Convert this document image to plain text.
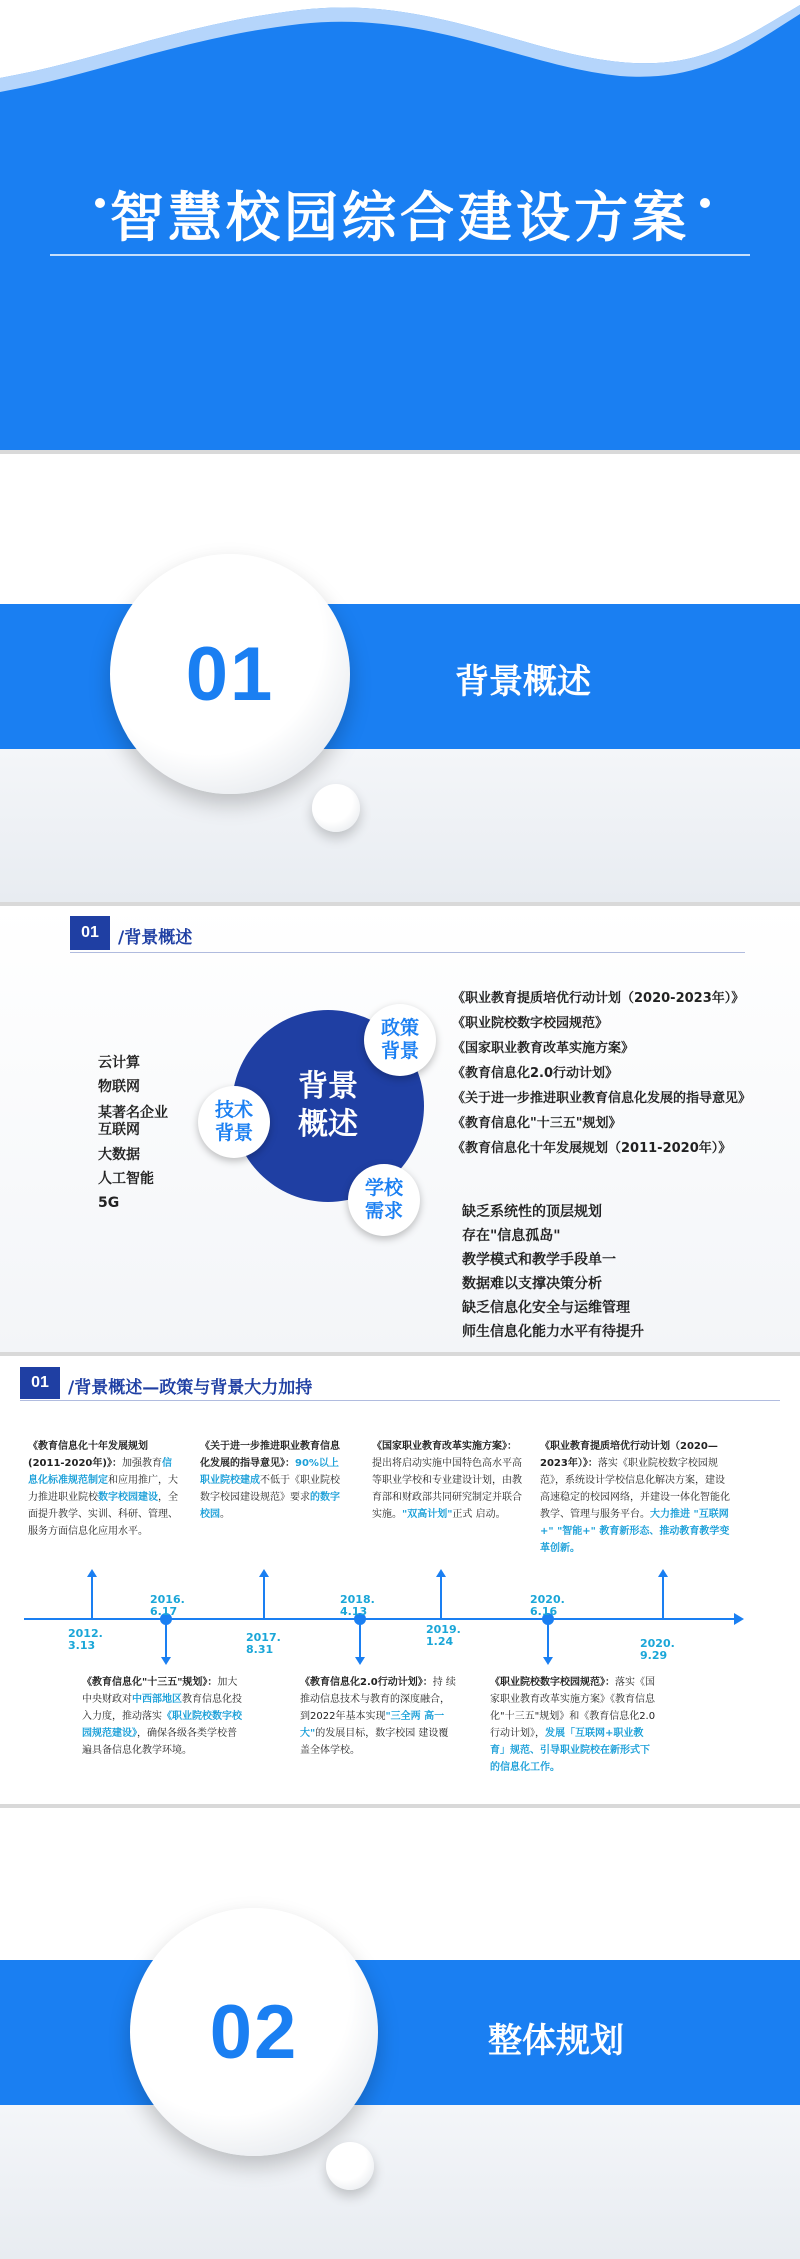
智慧校园综合建设方案
01	背景概述
01	/背景概述
云计算
物联网
某著名企业
互联网
大数据
人工智能
5G
背景
概述
政策
背景
技术
背景
学校
需求
《职业教育提质培优行动计划（2020-2023年）》
《职业院校数字校园规范》
《国家职业教育改革实施方案》
《教育信息化2.0行动计划》
《关于进一步推进职业教育信息化发展的指导意见》
《教育信息化"十三五"规划》
《教育信息化十年发展规划（2011-2020年）》
缺乏系统性的顶层规划
存在"信息孤岛"
教学模式和教学手段单一
数据难以支撑决策分析
缺乏信息化安全与运维管理
师生信息化能力水平有待提升
01	/背景概述—政策与背景大力加持
《教育信息化十年发展规划 (2011-2020年)》：加强教育信息化标准规范制定和应用推广，大力推进职业院校数字校园建设，全面提升教学、实训、科研、管理、服务方面信息化应用水平。
《关于进一步推进职业教育信息化发展的指导意见》：90%以上 职业院校建成不低于《职业院校 数字校园建设规范》要求的数字 校园。
《国家职业教育改革实施方案》：提出将启动实施中国特色高水平高等职业学校和专业建设计划，由教育部和财政部共同研究制定并联合实施。"双高计划"正式 启动。
《职业教育提质培优行动计划（2020—2023年）》：落实《职业院校数字校园规范》，系统设计学校信息化解决方案，建设高速稳定的校园网络，并建设一体化智能化教学、管理与服务平台。大力推进 "互联网+" "智能+" 教育新形态、推动教育教学变革创新。
2012.3.13
2016.6.17
2017.8.31
2018.4.13
2019.1.24
2020.6.16
2020.9.29
《教育信息化"十三五"规划》：加大中央财政对中西部地区教育信息化投入力度，推动落实《职业院校数字校园规范建设》，确保各级各类学校普遍具备信息化教学环境。
《教育信息化2.0行动计划》：持 续推动信息技术与教育的深度融合，到2022年基本实现"三全两 高一大"的发展目标，数字校园 建设覆盖全体学校。
《职业院校数字校园规范》：落实《国家职业教育改革实施方案》《教育信息化"十三五"规划》和《教育信息化2.0行动计划》，发展「互联网+职业教育」规范、引导职业院校在新形式下的信息化工作。
02	整体规划
